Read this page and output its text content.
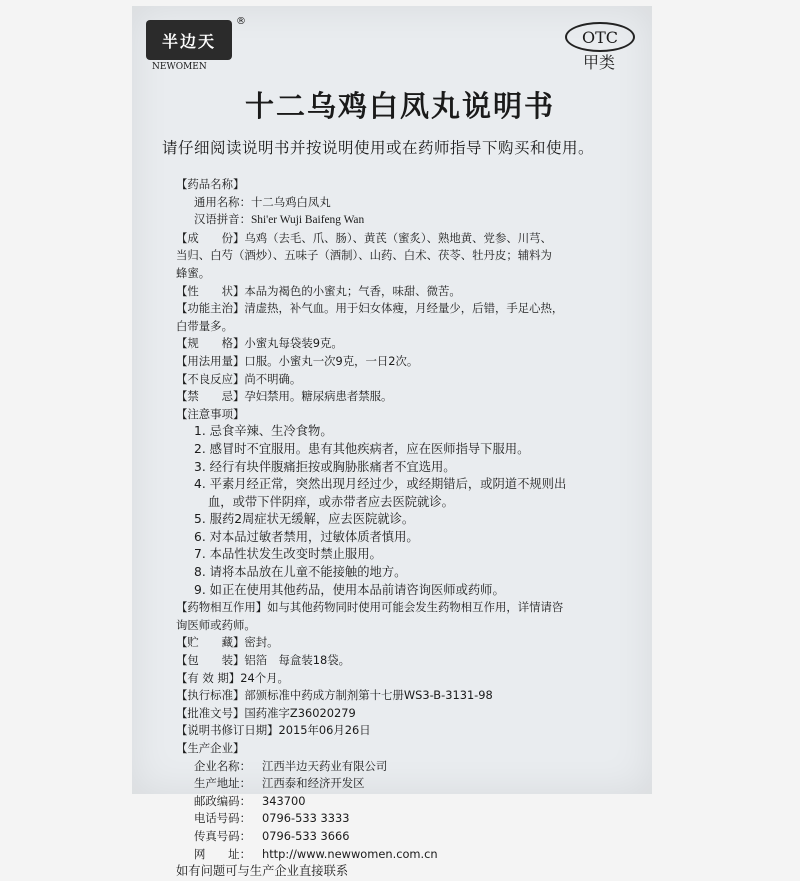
半边天
®
NEWOMEN
OTC
甲类
十二乌鸡白凤丸说明书
请仔细阅读说明书并按说明使用或在药师指导下购买和使用。
【药品名称】
通用名称：十二乌鸡白凤丸
汉语拼音：Shi'er Wuji Baifeng Wan
【成　　份】乌鸡（去毛、爪、肠）、黄芪（蜜炙）、熟地黄、党参、川芎、
当归、白芍（酒炒）、五味子（酒制）、山药、白术、茯苓、牡丹皮；辅料为
蜂蜜。
【性　　状】本品为褐色的小蜜丸；气香，味甜、微苦。
【功能主治】清虚热，补气血。用于妇女体瘦，月经量少，后错，手足心热，
白带量多。
【规　　格】小蜜丸每袋装9克。
【用法用量】口服。小蜜丸一次9克，一日2次。
【不良反应】尚不明确。
【禁　　忌】孕妇禁用。糖尿病患者禁服。
【注意事项】
1. 忌食辛辣、生冷食物。
2. 感冒时不宜服用。患有其他疾病者，应在医师指导下服用。
3. 经行有块伴腹痛拒按或胸胁胀痛者不宜选用。
4. 平素月经正常，突然出现月经过少，或经期错后，或阴道不规则出
血，或带下伴阴痒，或赤带者应去医院就诊。
5. 服药2周症状无缓解，应去医院就诊。
6. 对本品过敏者禁用，过敏体质者慎用。
7. 本品性状发生改变时禁止服用。
8. 请将本品放在儿童不能接触的地方。
9. 如正在使用其他药品，使用本品前请咨询医师或药师。
【药物相互作用】如与其他药物同时使用可能会发生药物相互作用，详情请咨
询医师或药师。
【贮　　藏】密封。
【包　　装】铝箔　每盒装18袋。
【有 效 期】24个月。
【执行标准】部颁标准中药成方制剂第十七册WS3-B-3131-98
【批准文号】国药准字Z36020279
【说明书修订日期】2015年06月26日
【生产企业】
企业名称： 江西半边天药业有限公司
生产地址： 江西泰和经济开发区
邮政编码： 343700
电话号码： 0796-533 3333
传真号码： 0796-533 3666
网　　址： http://www.newwomen.com.cn
如有问题可与生产企业直接联系
